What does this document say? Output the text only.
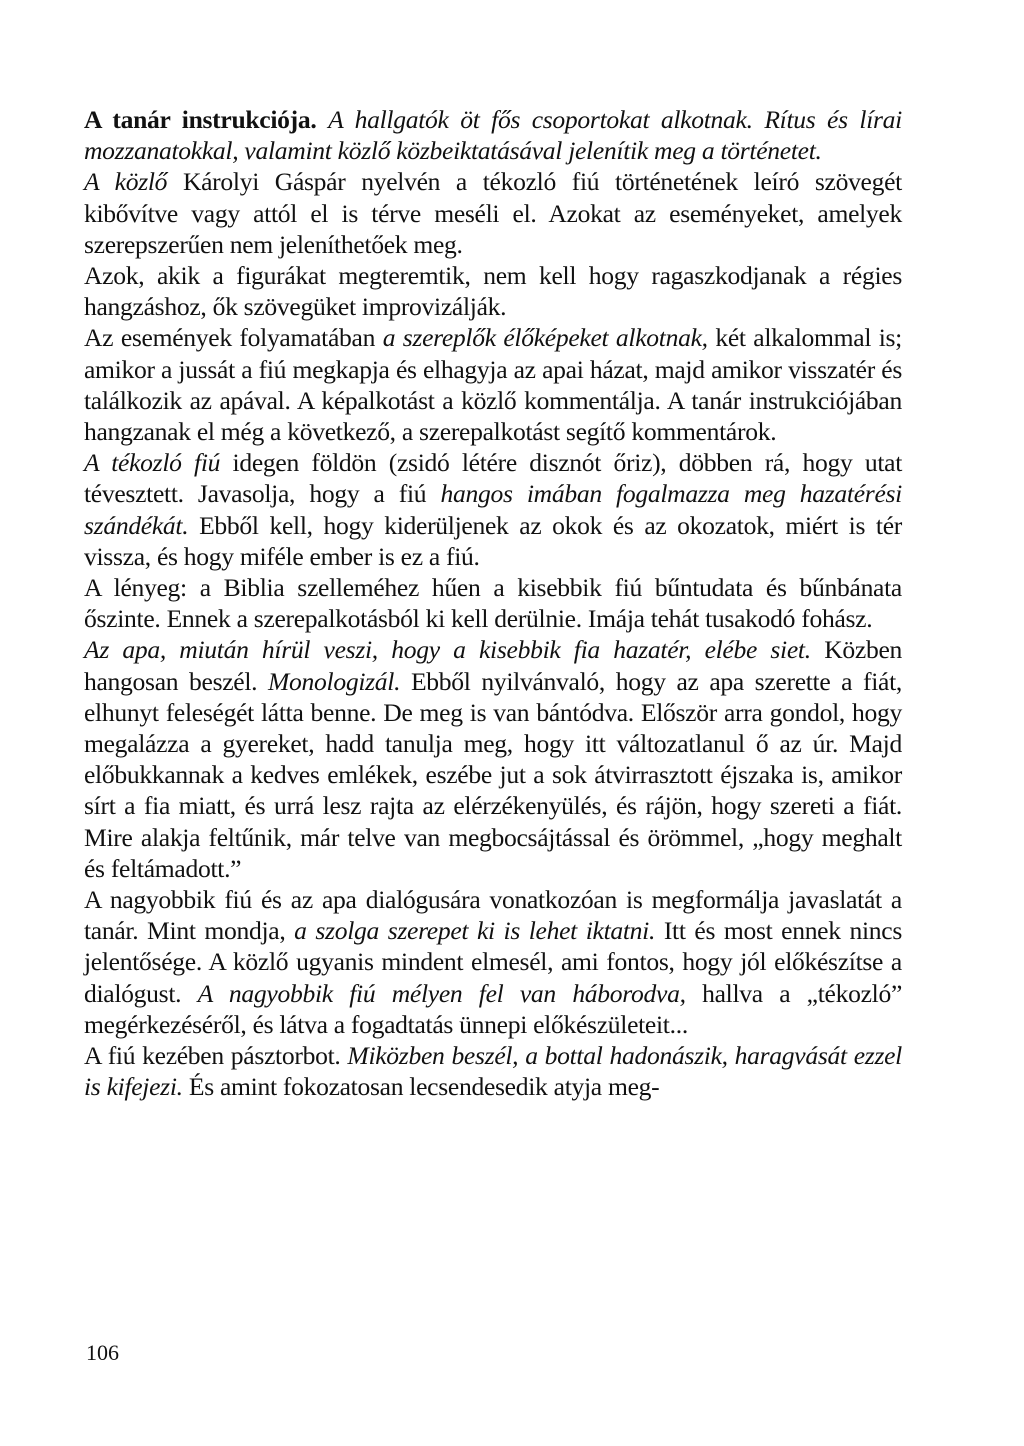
A tanár instrukciója. A hallgatók öt fős csoportokat alkotnak. Rítus és lírai mozzanatokkal, valamint közlő közbeiktatásával jelenítik meg a történetet.

A közlő Károlyi Gáspár nyelvén a tékozló fiú történetének leíró szövegét kibővítve vagy attól el is térve meséli el. Azokat az eseményeket, amelyek szerepszerűen nem jeleníthetőek meg.

Azok, akik a figurákat megteremtik, nem kell hogy ragaszkodjanak a régies hangzáshoz, ők szövegüket improvizálják.

Az események folyamatában a szereplők élőképeket alkotnak, két alkalommal is; amikor a jussát a fiú megkapja és elhagyja az apai házat, majd amikor visszatér és találkozik az apával. A képalkotást a közlő kommentálja. A tanár instrukciójában hangzanak el még a következő, a szerepalkotást segítő kommentárok.

A tékozló fiú idegen földön (zsidó létére disznót őriz), döbben rá, hogy utat tévesztett. Javasolja, hogy a fiú hangos imában fogalmazza meg hazatérési szándékát. Ebből kell, hogy kiderüljenek az okok és az okozatok, miért is tér vissza, és hogy miféle ember is ez a fiú.

A lényeg: a Biblia szelleméhez hűen a kisebbik fiú bűntudata és bűnbánata őszinte. Ennek a szerepalkotásból ki kell derülnie. Imája tehát tusakodó fohász.

Az apa, miután hírül veszi, hogy a kisebbik fia hazatér, elébe siet. Közben hangosan beszél. Monologizál. Ebből nyilvánvaló, hogy az apa szerette a fiát, elhunyt feleségét látta benne. De meg is van bántódva. Először arra gondol, hogy megalázza a gyereket, hadd tanulja meg, hogy itt változatlanul ő az úr. Majd előbukkannak a kedves emlékek, eszébe jut a sok átvirrasztott éjszaka is, amikor sírt a fia miatt, és urrá lesz rajta az elérzékenyülés, és rájön, hogy szereti a fiát. Mire alakja feltűnik, már telve van megbocsájtással és örömmel, „hogy meghalt és feltámadott.”

A nagyobbik fiú és az apa dialógusára vonatkozóan is megformálja javaslatát a tanár. Mint mondja, a szolga szerepet ki is lehet iktatni. Itt és most ennek nincs jelentősége. A közlő ugyanis mindent elmesél, ami fontos, hogy jól előkészítse a dialógust. A nagyobbik fiú mélyen fel van háborodva, hallva a „tékozló” megérkezéséről, és látva a fogadtatás ünnepi előkészületeit...

A fiú kezében pásztorbot. Miközben beszél, a bottal hadonászik, haragvását ezzel is kifejezi. És amint fokozatosan lecsendesedik atyja meg-

106
